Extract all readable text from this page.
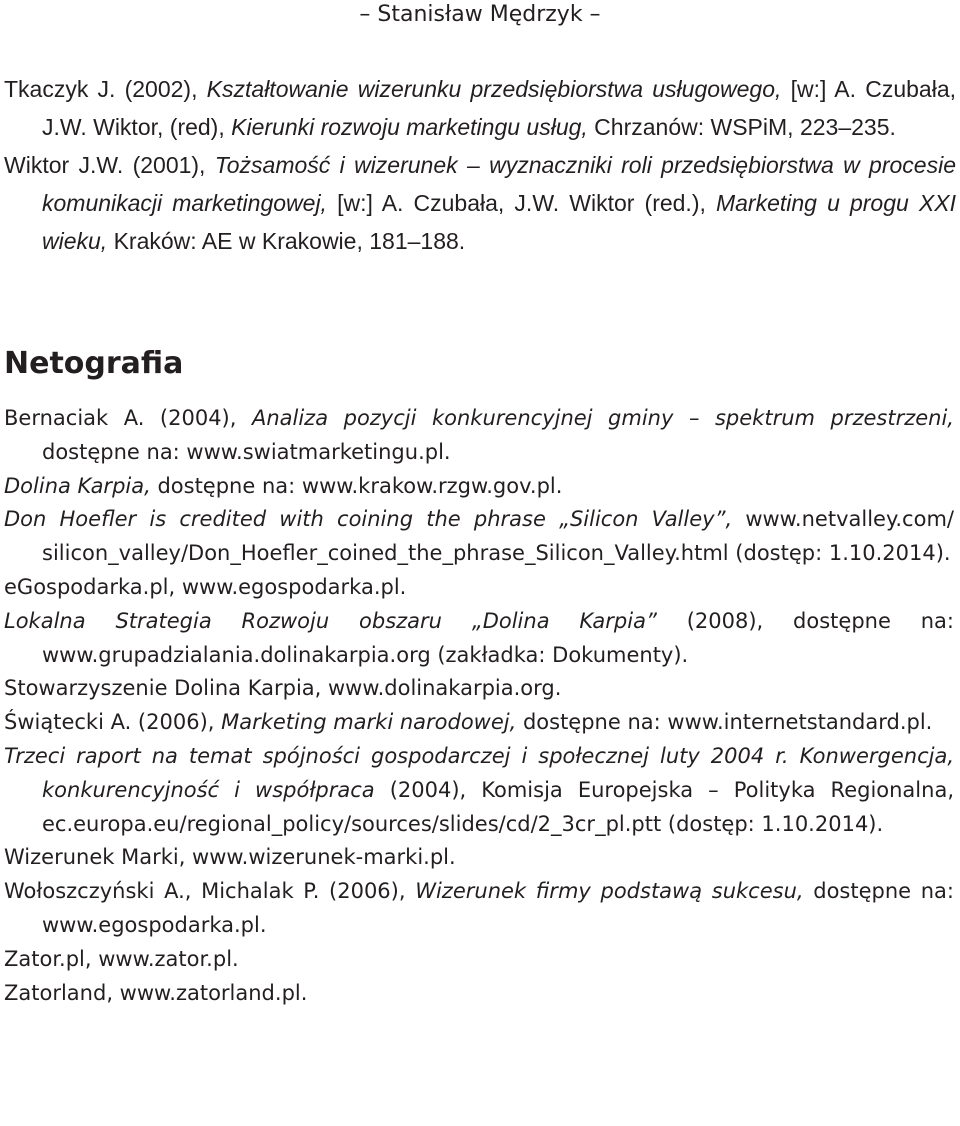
– Stanisław Mędrzyk –

Tkaczyk J. (2002), Kształtowanie wizerunku przedsiębiorstwa usługowego, [w:] A. Czubała, J.W. Wiktor, (red), Kierunki rozwoju marketingu usług, Chrzanów: WSPiM, 223–235.

Wiktor J.W. (2001), Tożsamość i wizerunek – wyznaczniki roli przedsiębiorstwa w procesie komunikacji marketingowej, [w:] A. Czubała, J.W. Wiktor (red.), Marketing u progu XXI wieku, Kraków: AE w Krakowie, 181–188.

Netografia

Bernaciak A. (2004), Analiza pozycji konkurencyjnej gminy – spektrum przestrzeni, dostępne na: www.swiatmarketingu.pl.

Dolina Karpia, dostępne na: www.krakow.rzgw.gov.pl.

Don Hoefler is credited with coining the phrase „Silicon Valley”, www.netvalley.com/ silicon_valley/Don_Hoefler_coined_the_phrase_Silicon_Valley.html (dostęp: 1.10.2014).

eGospodarka.pl, www.egospodarka.pl.

Lokalna Strategia Rozwoju obszaru „Dolina Karpia” (2008), dostępne na: www.grupadzialania.dolinakarpia.org (zakładka: Dokumenty).

Stowarzyszenie Dolina Karpia, www.dolinakarpia.org.

Świątecki A. (2006), Marketing marki narodowej, dostępne na: www.internetstandard.pl.

Trzeci raport na temat spójności gospodarczej i społecznej luty 2004 r. Konwergencja, konkurencyjność i współpraca (2004), Komisja Europejska – Polityka Regionalna, ec.europa.eu/regional_policy/sources/slides/cd/2_3cr_pl.ptt (dostęp: 1.10.2014).

Wizerunek Marki, www.wizerunek-marki.pl.

Wołoszczyński A., Michalak P. (2006), Wizerunek firmy podstawą sukcesu, dostępne na: www.egospodarka.pl.

Zator.pl, www.zator.pl.

Zatorland, www.zatorland.pl.
